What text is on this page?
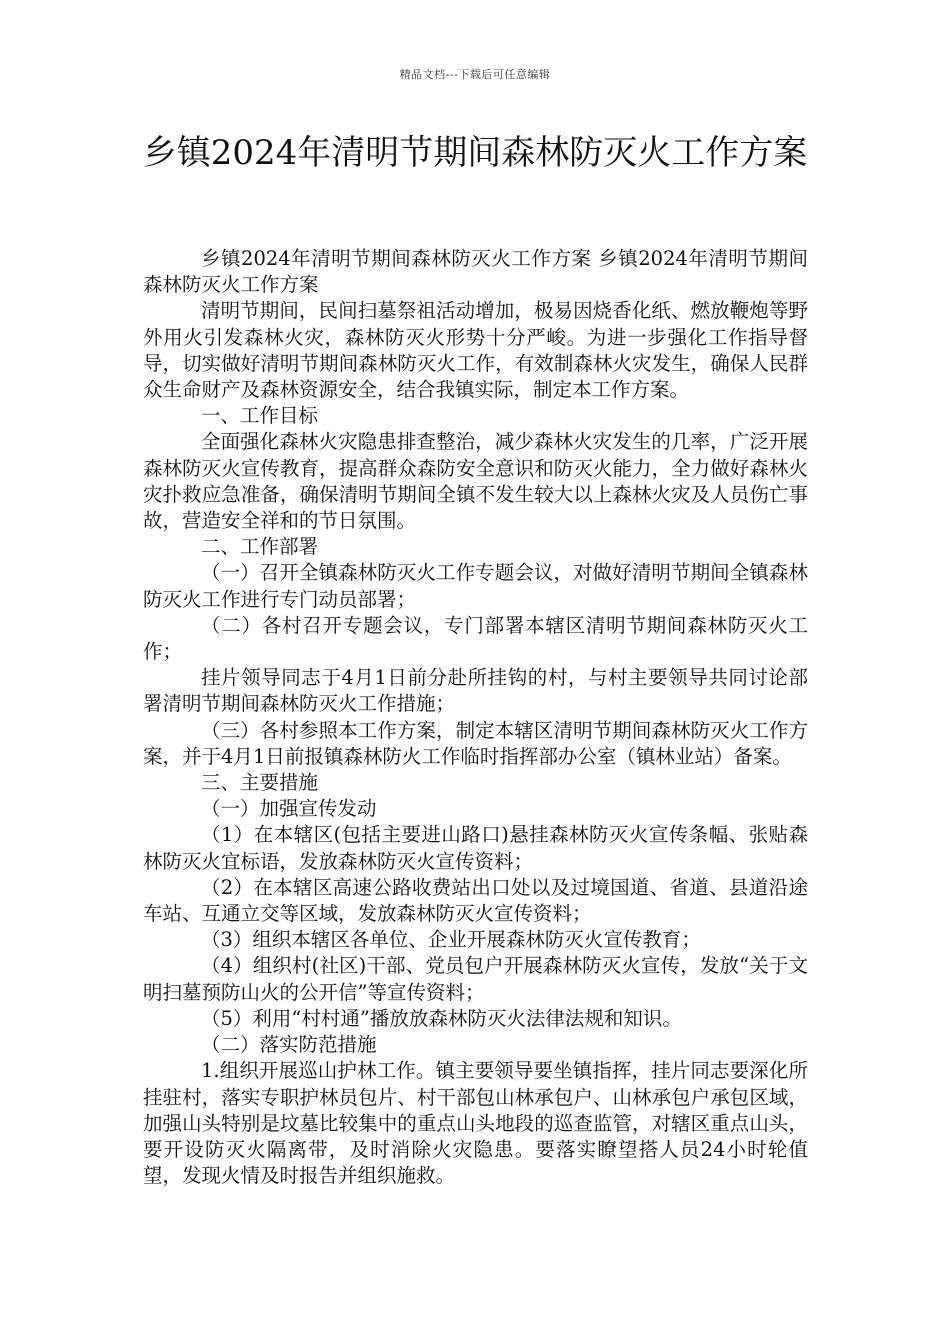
精品文档---下载后可任意编辑
乡镇2024年清明节期间森林防灭火工作方案

乡镇2024年清明节期间森林防灭火工作方案 乡镇2024年清明节期间森林防灭火工作方案

清明节期间，民间扫墓祭祖活动增加，极易因烧香化纸、燃放鞭炮等野外用火引发森林火灾，森林防灭火形势十分严峻。为进一步强化工作指导督导，切实做好清明节期间森林防灭火工作，有效制森林火灾发生，确保人民群众生命财产及森林资源安全，结合我镇实际，制定本工作方案。

一、工作目标

全面强化森林火灾隐患排查整治，减少森林火灾发生的几率，广泛开展森林防灭火宣传教育，提高群众森防安全意识和防灭火能力，全力做好森林火灾扑救应急准备，确保清明节期间全镇不发生较大以上森林火灾及人员伤亡事故，营造安全祥和的节日氛围。

二、工作部署

（一）召开全镇森林防灭火工作专题会议，对做好清明节期间全镇森林防灭火工作进行专门动员部署；

（二）各村召开专题会议，专门部署本辖区清明节期间森林防灭火工作；

挂片领导同志于4月1日前分赴所挂钩的村，与村主要领导共同讨论部署清明节期间森林防灭火工作措施；

（三）各村参照本工作方案，制定本辖区清明节期间森林防灭火工作方案，并于4月1日前报镇森林防火工作临时指挥部办公室（镇林业站）备案。

三、主要措施

（一）加强宣传发动

（1）在本辖区(包括主要进山路口)悬挂森林防灭火宣传条幅、张贴森林防灭火宜标语，发放森林防灭火宣传资料；

（2）在本辖区高速公路收费站出口处以及过境国道、省道、县道沿途车站、互通立交等区域，发放森林防灭火宣传资料；

（3）组织本辖区各单位、企业开展森林防灭火宣传教育；

（4）组织村(社区)干部、党员包户开展森林防灭火宣传，发放“关于文明扫墓预防山火的公开信”等宣传资料；

（5）利用“村村通”播放放森林防灭火法律法规和知识。

（二）落实防范措施

1.组织开展巡山护林工作。镇主要领导要坐镇指挥，挂片同志要深化所挂驻村，落实专职护林员包片、村干部包山林承包户、山林承包户承包区域，加强山头特别是坟墓比较集中的重点山头地段的巡查监管，对辖区重点山头，要开设防灭火隔离带，及时消除火灾隐患。要落实瞭望搭人员24小时轮值望，发现火情及时报告并组织施救。
